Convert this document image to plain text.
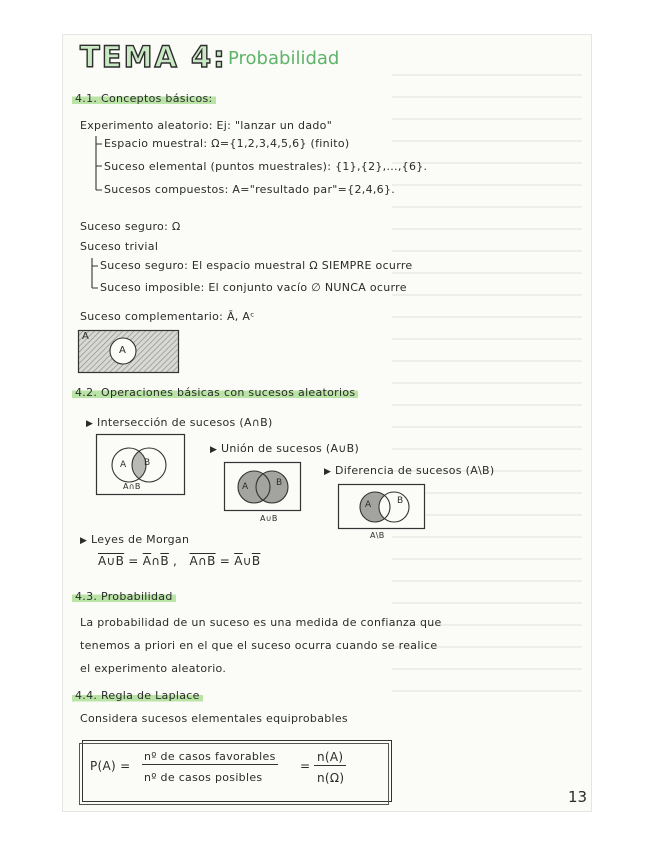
TEMA 4: Probabilidad
4.1. Conceptos básicos:
Experimento aleatorio: Ej: "lanzar un dado"
Espacio muestral: Ω={1,2,3,4,5,6} (finito)
Suceso elemental (puntos muestrales): {1},{2},...,{6}.
Sucesos compuestos: A="resultado par"={2,4,6}.
Suceso seguro: Ω
Suceso trivial
Suceso seguro: El espacio muestral Ω SIEMPRE ocurre
Suceso imposible: El conjunto vacío ∅ NUNCA ocurre
Suceso complementario: Ā, Aᶜ
Ā
A
4.2. Operaciones básicas con sucesos aleatorios
▶ Intersección de sucesos (A∩B)
▶ Unión de sucesos (A∪B)
▶ Diferencia de sucesos (A\B)
A B
A∩B	A	B
A∪B
A	B
A\B
▶ Leyes de Morgan
A∪B = $\overline{A}\cap\overline{B}$ , A∩B = $\overline{A}\cup\overline{B}$
4.3. Probabilidad
La probabilidad de un suceso es una medida de confianza que
tenemos a priori en el que el suceso ocurra cuando se realice
el experimento aleatorio.
4.4. Regla de Laplace
Considera sucesos elementales equiprobables
P(A) =
nº de casos favorables
nº de casos posibles
=
n(A)
n(Ω)
13
